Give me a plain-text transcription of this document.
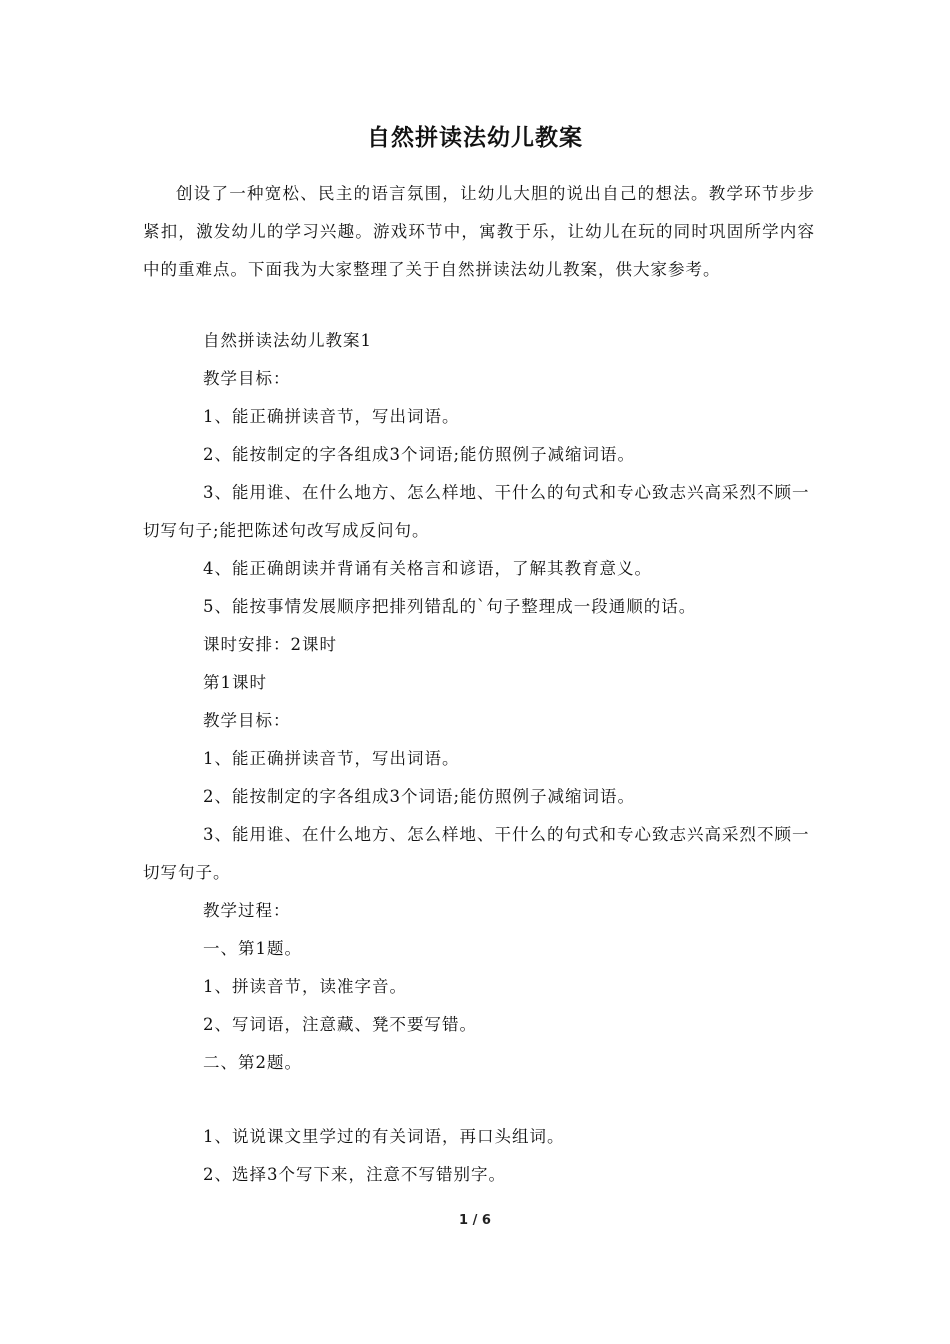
自然拼读法幼儿教案

创设了一种宽松、民主的语言氛围，让幼儿大胆的说出自己的想法。教学环节步步紧扣，激发幼儿的学习兴趣。游戏环节中，寓教于乐，让幼儿在玩的同时巩固所学内容中的重难点。下面我为大家整理了关于自然拼读法幼儿教案，供大家参考。

自然拼读法幼儿教案1

教学目标：

1、能正确拼读音节，写出词语。

2、能按制定的字各组成3个词语;能仿照例子减缩词语。

3、能用谁、在什么地方、怎么样地、干什么的句式和专心致志兴高采烈不顾一切写句子;能把陈述句改写成反问句。

4、能正确朗读并背诵有关格言和谚语，了解其教育意义。

5、能按事情发展顺序把排列错乱的`句子整理成一段通顺的话。

课时安排：2课时

第1课时

教学目标：

1、能正确拼读音节，写出词语。

2、能按制定的字各组成3个词语;能仿照例子减缩词语。

3、能用谁、在什么地方、怎么样地、干什么的句式和专心致志兴高采烈不顾一切写句子。

教学过程：

一、第1题。

1、拼读音节，读准字音。

2、写词语，注意藏、凳不要写错。

二、第2题。

1、说说课文里学过的有关词语，再口头组词。

2、选择3个写下来，注意不写错别字。

1 / 6
